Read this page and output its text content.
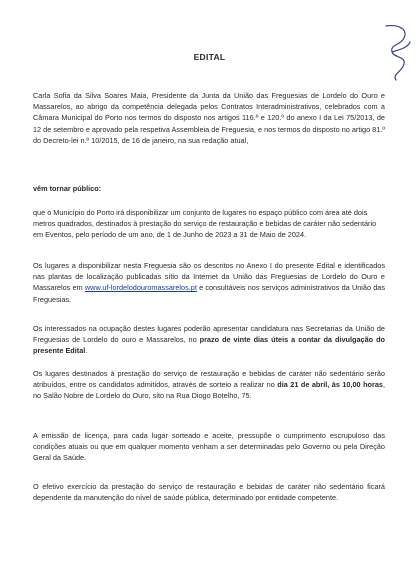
EDITAL

Carla Sofia da Silva Soares Maia, Presidente da Junta da União das Freguesias de Lordelo do Ouro e Massarelos, ao abrigo da competência delegada pelos Contratos Interadministrativos, celebrados com a Câmara Municipal do Porto nos termos do disposto nos artigos 116.º e 120.º do anexo I da Lei 75/2013, de 12 de setembro e aprovado pela respetiva Assembleia de Freguesia, e nos termos do disposto no artigo 81.º do Decreto-lei n.º 10/2015, de 16 de janeiro, na sua redação atual,

vêm tornar público:

que o Município do Porto irá disponibilizar um conjunto de lugares no espaço público com área até dois metros quadrados, destinados à prestação do serviço de restauração e bebidas de caráter não sedentário em Eventos, pelo período de um ano, de 1 de Junho de 2023 a 31 de Maio de 2024.

Os lugares a disponibilizar nesta Freguesia são os descritos no Anexo I do presente Edital e identificados nas plantas de localização publicadas sítio da Internet da União das Freguesias de Lordelo do Ouro e Massarelos em www.uf-lordelodouromassarelos.pt e consultáveis nos serviços administrativos da União das Freguesias.

Os interessados na ocupação destes lugares poderão apresentar candidatura nas Secretarias da União de Freguesias de Lordelo do ouro e Massarelos, no prazo de vinte dias úteis a contar da divulgação do presente Edital.

Os lugares destinados à prestação do serviço de restauração e bebidas de caráter não sedentário serão atribuídos, entre os candidatos admitidos, através de sorteio a realizar no dia 21 de abril, às 10,00 horas, no Salão Nobre de Lordelo do Ouro, sito na Rua Diogo Botelho, 75.

A emissão de licença, para cada lugar sorteado e aceite, pressupõe o cumprimento escrupuloso das condições atuais ou que em qualquer momento venham a ser determinadas pelo Governo ou pela Direção Geral da Saúde.

O efetivo exercício da prestação do serviço de restauração e bebidas de caráter não sedentário ficará dependente da manutenção do nível de saúde pública, determinado por entidade competente.
